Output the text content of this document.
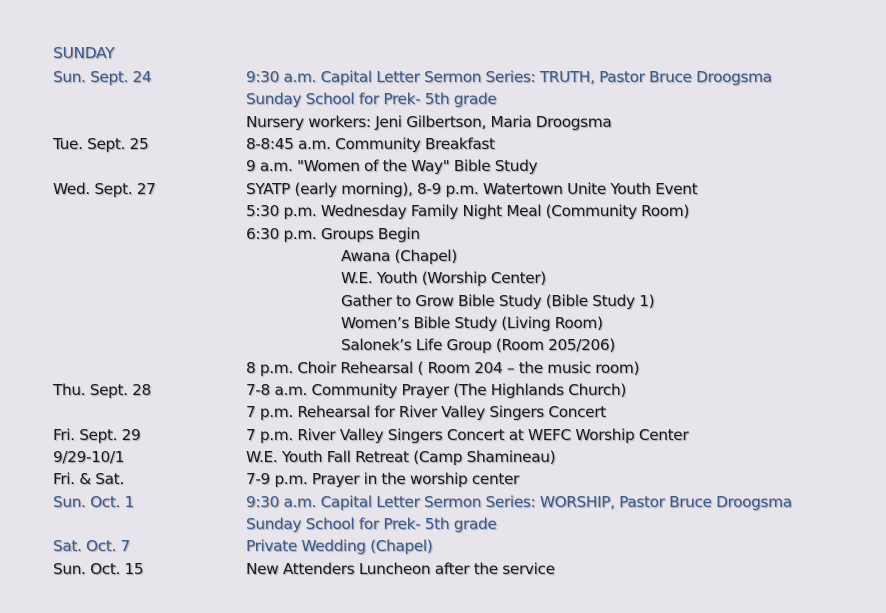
SUNDAY
Sun. Sept. 24	9:30 a.m. Capital Letter Sermon Series: TRUTH, Pastor Bruce Droogsma
Sunday School for Prek- 5th grade
Nursery workers: Jeni Gilbertson, Maria Droogsma
Tue. Sept. 25	8-8:45 a.m. Community Breakfast
9 a.m. "Women of the Way" Bible Study
Wed. Sept. 27	SYATP (early morning), 8-9 p.m. Watertown Unite Youth Event
5:30 p.m. Wednesday Family Night Meal (Community Room)
6:30 p.m. Groups Begin
Awana (Chapel)
W.E. Youth (Worship Center)
Gather to Grow Bible Study (Bible Study 1)
Women’s Bible Study (Living Room)
Salonek’s Life Group (Room 205/206)
8 p.m. Choir Rehearsal ( Room 204 – the music room)
Thu. Sept. 28	7-8 a.m. Community Prayer (The Highlands Church)
7 p.m. Rehearsal for River Valley Singers Concert
Fri. Sept. 29	7 p.m. River Valley Singers Concert at WEFC Worship Center
9/29-10/1	W.E. Youth Fall Retreat (Camp Shamineau)
Fri. & Sat.	7-9 p.m. Prayer in the worship center
Sun. Oct. 1	9:30 a.m. Capital Letter Sermon Series: WORSHIP, Pastor Bruce Droogsma
Sunday School for Prek- 5th grade
Sat. Oct. 7	Private Wedding (Chapel)
Sun. Oct. 15	New Attenders Luncheon after the service
